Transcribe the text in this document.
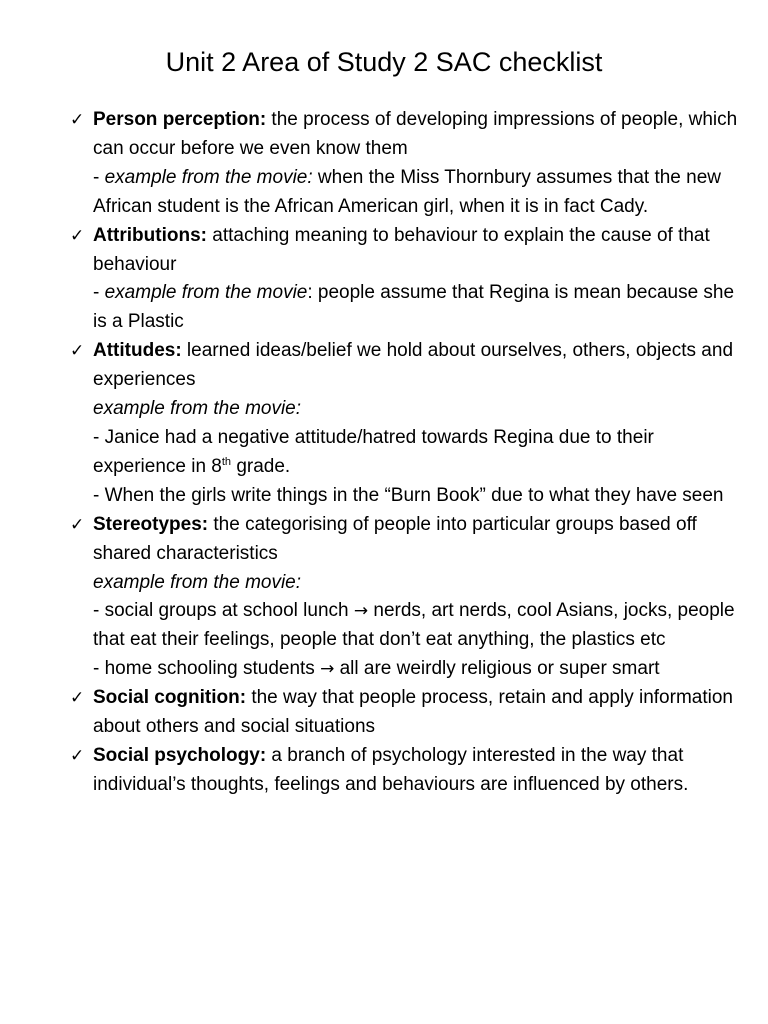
Unit 2 Area of Study 2 SAC checklist
✓ Person perception: the process of developing impressions of people, which can occur before we even know them
- example from the movie: when the Miss Thornbury assumes that the new African student is the African American girl, when it is in fact Cady.
✓ Attributions: attaching meaning to behaviour to explain the cause of that behaviour
- example from the movie: people assume that Regina is mean because she is a Plastic
✓ Attitudes: learned ideas/belief we hold about ourselves, others, objects and experiences
example from the movie:
- Janice had a negative attitude/hatred towards Regina due to their experience in 8th grade.
- When the girls write things in the “Burn Book” due to what they have seen
✓ Stereotypes: the categorising of people into particular groups based off shared characteristics
example from the movie:
- social groups at school lunch → nerds, art nerds, cool Asians, jocks, people that eat their feelings, people that don’t eat anything, the plastics etc
- home schooling students → all are weirdly religious or super smart
✓ Social cognition: the way that people process, retain and apply information about others and social situations
✓ Social psychology: a branch of psychology interested in the way that individual’s thoughts, feelings and behaviours are influenced by others.
